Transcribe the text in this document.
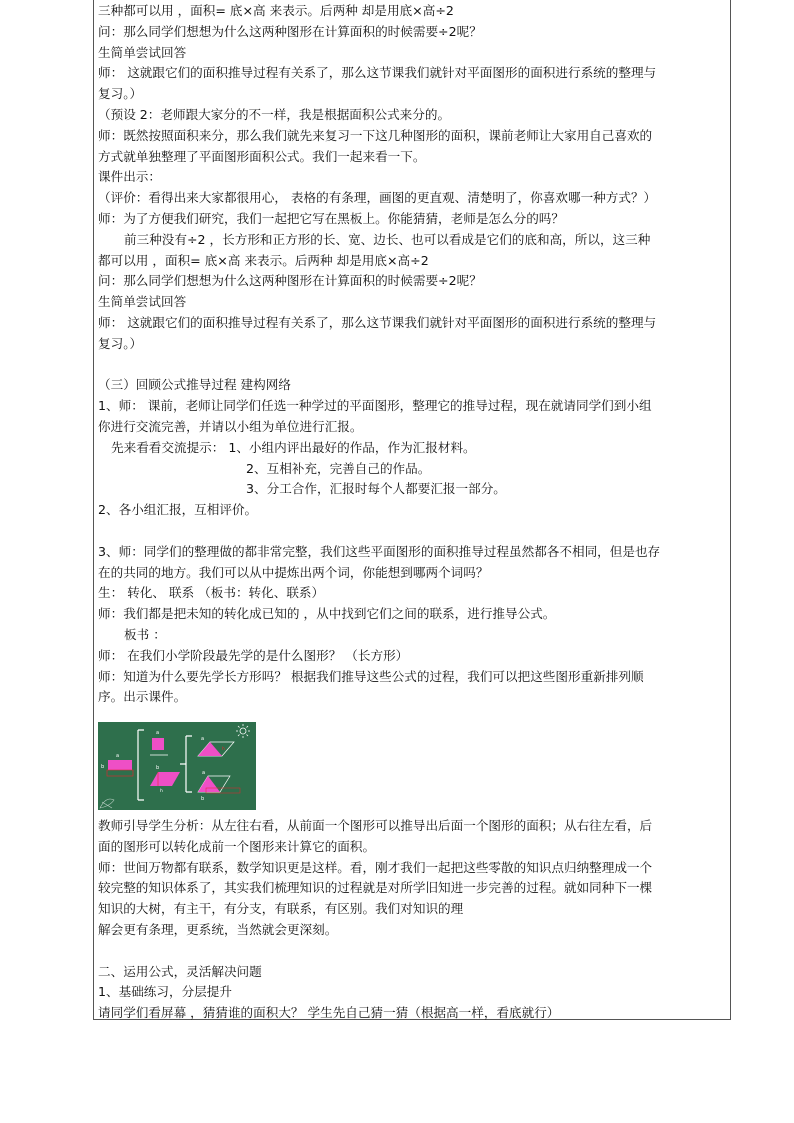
三种都可以用 ，面积= 底×高 来表示。后两种 却是用底×高÷2
问：那么同学们想想为什么这两种图形在计算面积的时候需要÷2呢？
生简单尝试回答
师： 这就跟它们的面积推导过程有关系了，那么这节课我们就针对平面图形的面积进行系统的整理与
复习。）
（预设 2：老师跟大家分的不一样，我是根据面积公式来分的。
师：既然按照面积来分，那么我们就先来复习一下这几种图形的面积，课前老师让大家用自己喜欢的
方式就单独整理了平面图形面积公式。我们一起来看一下。
课件出示：
（评价：看得出来大家都很用心， 表格的有条理，画图的更直观、清楚明了，你喜欢哪一种方式？）
师：为了方便我们研究，我们一起把它写在黑板上。你能猜猜，老师是怎么分的吗？
前三种没有÷2 ，长方形和正方形的长、宽、边长、也可以看成是它们的底和高，所以，这三种
都可以用 ，面积= 底×高 来表示。后两种 却是用底×高÷2
问：那么同学们想想为什么这两种图形在计算面积的时候需要÷2呢？
生简单尝试回答
师： 这就跟它们的面积推导过程有关系了，那么这节课我们就针对平面图形的面积进行系统的整理与
复习。）
（三）回顾公式推导过程 建构网络
1、师： 课前，老师让同学们任选一种学过的平面图形，整理它的推导过程，现在就请同学们到小组
你进行交流完善，并请以小组为单位进行汇报。
先来看看交流提示： 1、小组内评出最好的作品，作为汇报材料。
2、互相补充，完善自己的作品。
3、分工合作，汇报时每个人都要汇报一部分。
2、各小组汇报，互相评价。
3、师：同学们的整理做的都非常完整，我们这些平面图形的面积推导过程虽然都各不相同，但是也存
在的共同的地方。我们可以从中提炼出两个词，你能想到哪两个词吗？
生： 转化、 联系 （板书：转化、联系）
师：我们都是把未知的转化成已知的 ，从中找到它们之间的联系，进行推导公式。
板书 ：
师： 在我们小学阶段最先学的是什么图形？ （长方形）
师：知道为什么要先学长方形吗？ 根据我们推导这些公式的过程，我们可以把这些图形重新排列顺
序。出示课件。
a
b
a
b
h
a
h
a
b
教师引导学生分析：从左往右看，从前面一个图形可以推导出后面一个图形的面积；从右往左看，后
面的图形可以转化成前一个图形来计算它的面积。
师：世间万物都有联系，数学知识更是这样。看，刚才我们一起把这些零散的知识点归纳整理成一个
较完整的知识体系了，其实我们梳理知识的过程就是对所学旧知进一步完善的过程。就如同种下一棵
知识的大树，有主干，有分支，有联系，有区别。我们对知识的理
解会更有条理，更系统，当然就会更深刻。
二、运用公式，灵活解决问题
1、基础练习，分层提升
请同学们看屏幕 ，猜猜谁的面积大？ 学生先自己猜一猜（根据高一样，看底就行）
